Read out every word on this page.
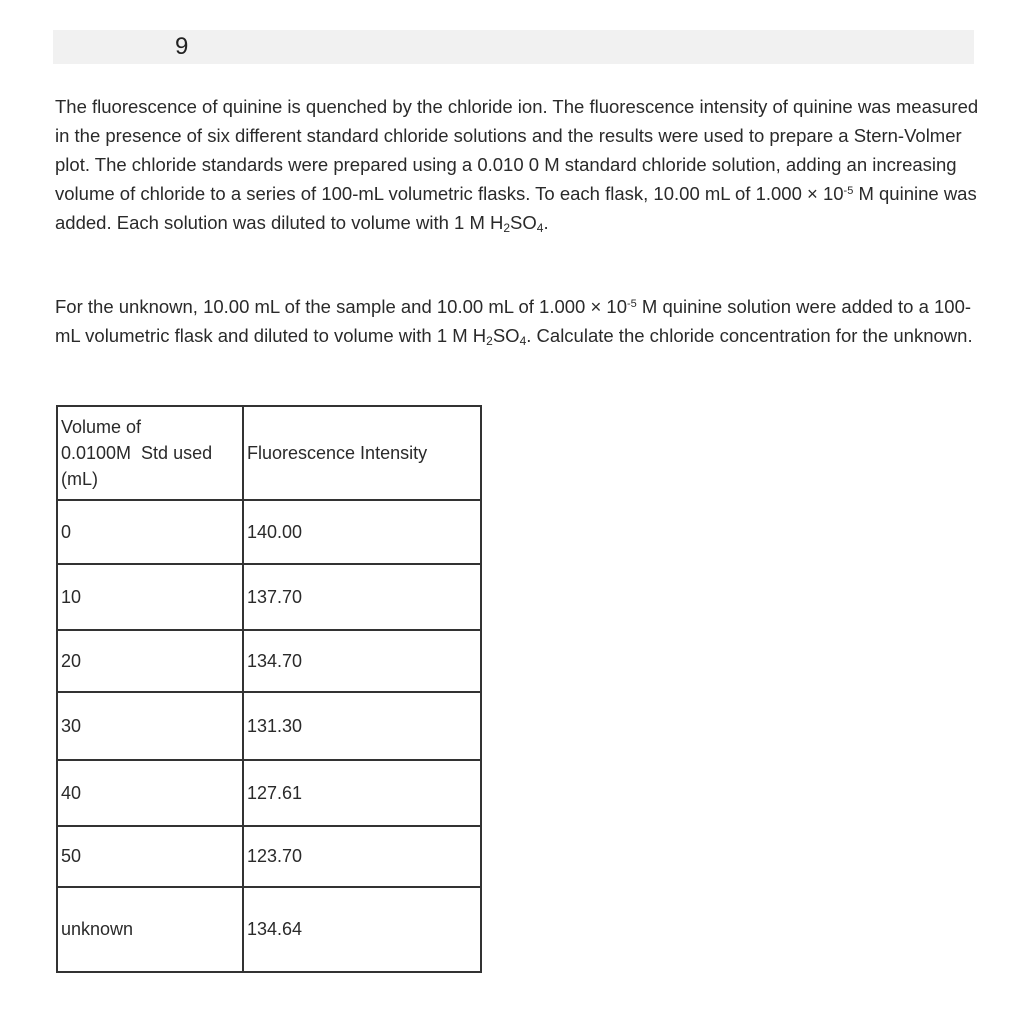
9

The fluorescence of quinine is quenched by the chloride ion. The fluorescence intensity of quinine was measured in the presence of six different standard chloride solutions and the results were used to prepare a Stern-Volmer plot. The chloride standards were prepared using a 0.010 0 M standard chloride solution, adding an increasing volume of chloride to a series of 100-mL volumetric flasks. To each flask, 10.00 mL of $1.000 \times 10^{-5}$ M quinine was added. Each solution was diluted to volume with 1 M $H_2SO_4$.

For the unknown, 10.00 mL of the sample and 10.00 mL of $1.000 \times 10^{-5}$ M quinine solution were added to a 100-mL volumetric flask and diluted to volume with 1 M $H_2SO_4$. Calculate the chloride concentration for the unknown.

Volume of
0.0100M  Std used
(mL)	Fluorescence Intensity
0	140.00
10	137.70
20	134.70
30	131.30
40	127.61
50	123.70
unknown	134.64
